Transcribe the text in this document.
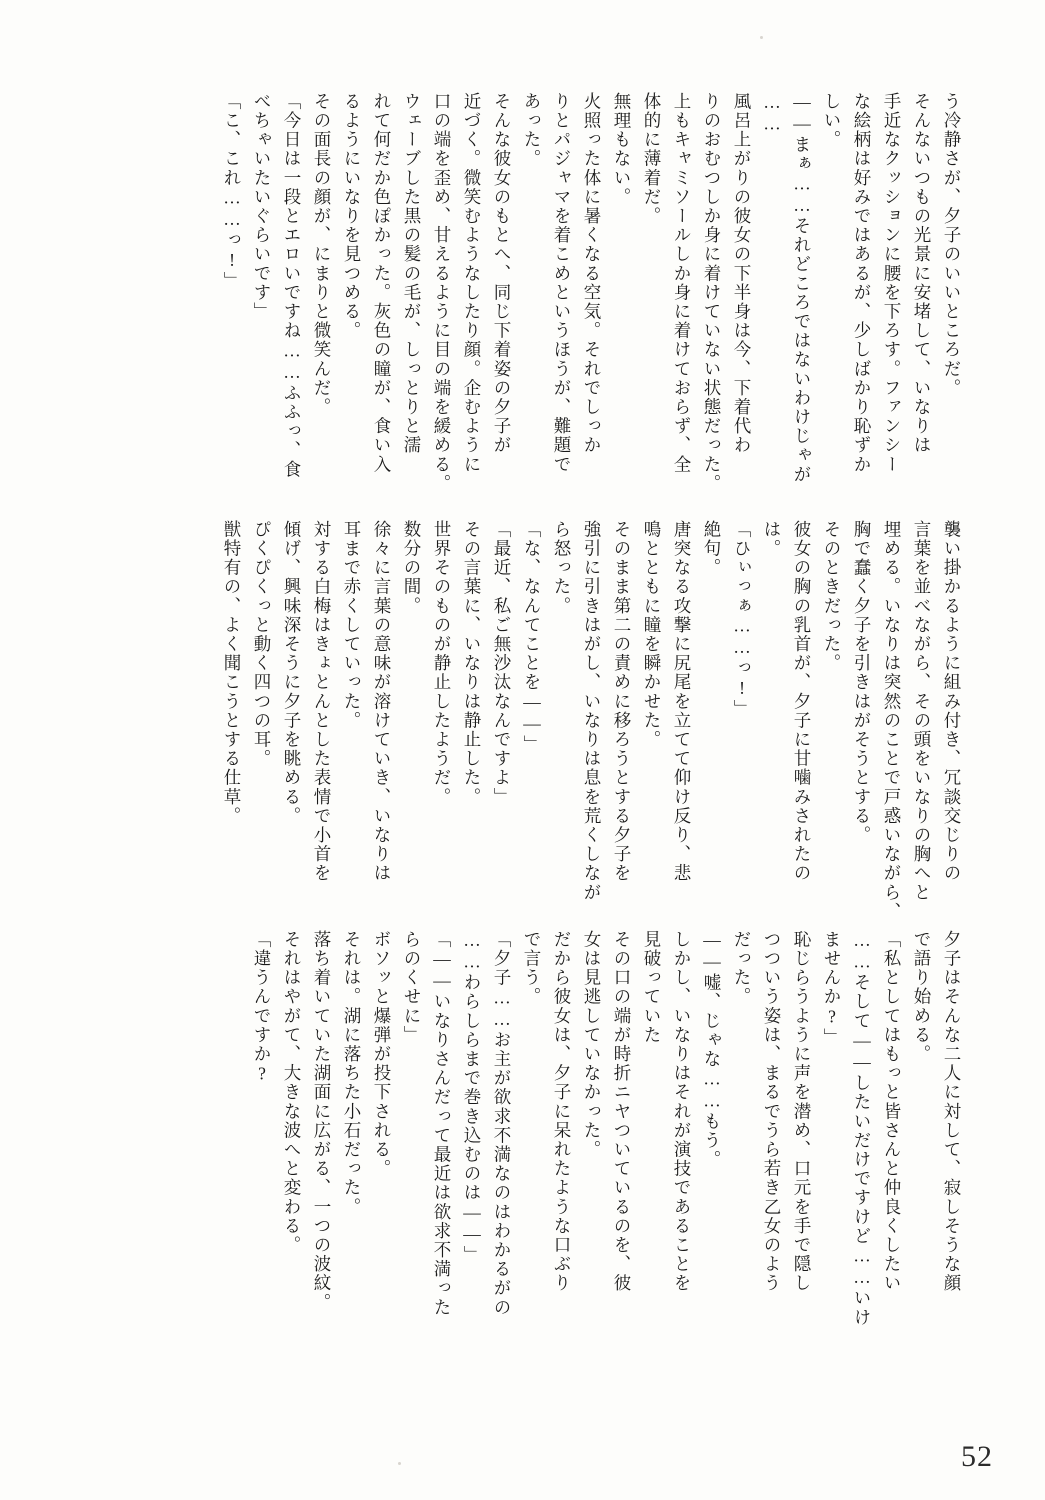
う冷静さが、夕子のいいところだ。 そんないつもの光景に安堵して、いなりは 手近なクッションに腰を下ろす。ファンシー な絵柄は好みではあるが、少しばかり恥ずか しい。 ——まぁ……それどころではないわけじゃが …… 風呂上がりの彼女の下半身は今、下着代わ りのおむつしか身に着けていない状態だった。 上もキャミソールしか身に着けておらず、全 体的に薄着だ。 無理もない。 火照った体に暑くなる空気。それでしっか りとパジャマを着こめというほうが、難題で あった。 そんな彼女のもとへ、同じ下着姿の夕子が 近づく。微笑むようなしたり顔。企むように 口の端を歪め、甘えるように目の端を緩める。 ウェーブした黒の髪の毛が、しっとりと濡 れて何だか色ぽかった。灰色の瞳が、食い入 るようにいなりを見つめる。 その面長の顔が、にまりと微笑んだ。 「今日は一段とエロいですね……ふふっ、食 べちゃいたいぐらいです」 「こ、これ……っ!」
襲い掛かるように組み付き、冗談交じりの 言葉を並べながら、その頭をいなりの胸へと 埋める。いなりは突然のことで戸惑いながら、 胸で蠢く夕子を引きはがそうとする。 そのときだった。 彼女の胸の乳首が、夕子に甘噛みされたの は。 「ひぃっぁ……っ!」 絶句。 唐突なる攻撃に尻尾を立てて仰け反り、悲 鳴とともに瞳を瞬かせた。 そのまま第二の責めに移ろうとする夕子を 強引に引きはがし、いなりは息を荒くしなが ら怒った。 「な、なんてことを——」 「最近、私ご無沙汰なんですよ」 その言葉に、いなりは静止した。 世界そのものが静止したようだ。 数分の間。 徐々に言葉の意味が溶けていき、いなりは 耳まで赤くしていった。 対する白梅はきょとんとした表情で小首を 傾げ、興味深そうに夕子を眺める。 ぴくぴくっと動く四つの耳。 獣特有の、よく聞こうとする仕草。
夕子はそんな二人に対して、寂しそうな顔 で語り始める。 「私としてはもっと皆さんと仲良くしたい ……そして——したいだけですけど……いけ ませんか?」 恥じらうように声を潜め、口元を手で隠し つついう姿は、まるでうら若き乙女のよう だった。 ——嘘、じゃな……もう。 しかし、いなりはそれが演技であることを 見破っていた その口の端が時折ニヤついているのを、彼 女は見逃していなかった。 だから彼女は、夕子に呆れたような口ぶり で言う。 「夕子……お主が欲求不満なのはわかるがの ……わらしらまで巻き込むのは——」 「——いなりさんだって最近は欲求不満った らのくせに」 ボソッと爆弾が投下される。 それは。湖に落ちた小石だった。 落ち着いていた湖面に広がる、一つの波紋。 それはやがて、大きな波へと変わる。 「違うんですか?
52
